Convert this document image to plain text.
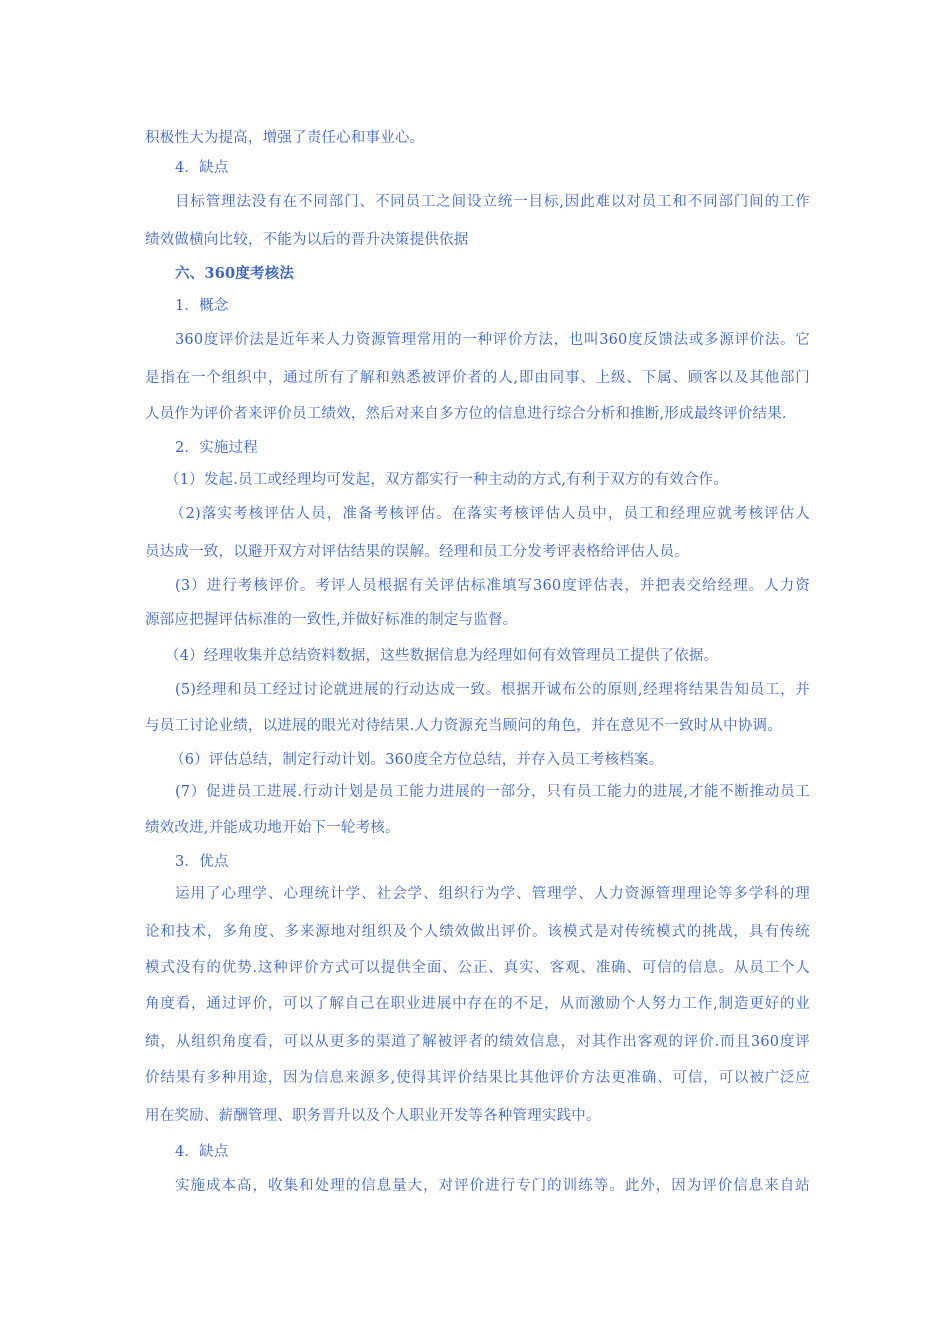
积极性大为提高，增强了责任心和事业心。
4．缺点
目标管理法没有在不同部门、不同员工之间设立统一目标,因此难以对员工和不同部门间的工作
绩效做横向比较，不能为以后的晋升决策提供依据
六、360度考核法
1．概念
360度评价法是近年来人力资源管理常用的一种评价方法，也叫360度反馈法或多源评价法。它
是指在一个组织中，通过所有了解和熟悉被评价者的人,即由同事、上级、下属、顾客以及其他部门
人员作为评价者来评价员工绩效，然后对来自多方位的信息进行综合分析和推断,形成最终评价结果.
2．实施过程
（1）发起.员工或经理均可发起，双方都实行一种主动的方式,有利于双方的有效合作。
（2)落实考核评估人员，准备考核评估。在落实考核评估人员中，员工和经理应就考核评估人
员达成一致，以避开双方对评估结果的误解。经理和员工分发考评表格给评估人员。
(3）进行考核评价。考评人员根据有关评估标准填写360度评估表，并把表交给经理。人力资
源部应把握评估标准的一致性,并做好标准的制定与监督。
（4）经理收集并总结资料数据，这些数据信息为经理如何有效管理员工提供了依据。
(5)经理和员工经过讨论就进展的行动达成一致。根据开诚布公的原则,经理将结果告知员工，并
与员工讨论业绩，以进展的眼光对待结果.人力资源充当顾问的角色，并在意见不一致时从中协调。
（6）评估总结，制定行动计划。360度全方位总结，并存入员工考核档案。
(7）促进员工进展.行动计划是员工能力进展的一部分，只有员工能力的进展,才能不断推动员工
绩效改进,并能成功地开始下一轮考核。
3．优点
运用了心理学、心理统计学、社会学、组织行为学、管理学、人力资源管理理论等多学科的理
论和技术，多角度、多来源地对组织及个人绩效做出评价。该模式是对传统模式的挑战，具有传统
模式没有的优势.这种评价方式可以提供全面、公正、真实、客观、准确、可信的信息。从员工个人
角度看，通过评价，可以了解自己在职业进展中存在的不足，从而激励个人努力工作,制造更好的业
绩，从组织角度看，可以从更多的渠道了解被评者的绩效信息，对其作出客观的评价.而且360度评
价结果有多种用途，因为信息来源多,使得其评价结果比其他评价方法更准确、可信，可以被广泛应
用在奖励、薪酬管理、职务晋升以及个人职业开发等各种管理实践中。
4．缺点
实施成本高，收集和处理的信息量大，对评价进行专门的训练等。此外，因为评价信息来自站
